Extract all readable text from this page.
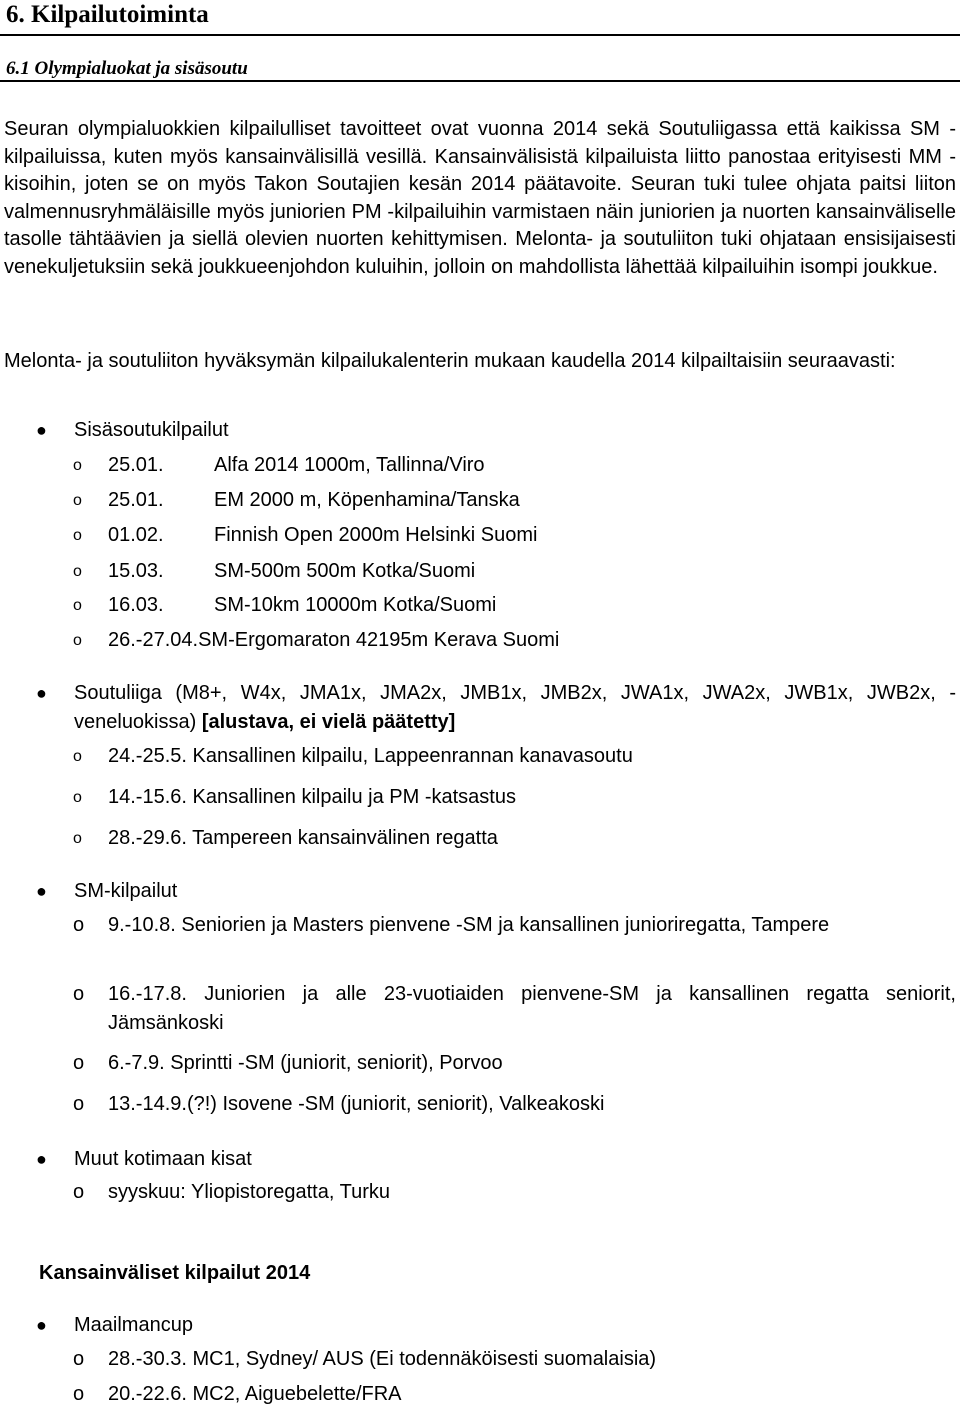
6. Kilpailutoiminta
6.1 Olympialuokat ja sisäsoutu

Seuran olympialuokkien kilpailulliset tavoitteet ovat vuonna 2014 sekä Soutuliigassa että kaikissa SM -kilpailuissa, kuten myös kansainvälisillä vesillä. Kansainvälisistä kilpailuista liitto panostaa erityisesti MM -kisoihin, joten se on myös Takon Soutajien kesän 2014 päätavoite. Seuran tuki tulee ohjata paitsi liiton valmennusryhmäläisille myös juniorien PM -kilpailuihin varmistaen näin juniorien ja nuorten kansainväliselle tasolle tähtäävien ja siellä olevien nuorten kehittymisen. Melonta- ja soutuliiton tuki ohjataan ensisijaisesti venekuljetuksiin sekä joukkueenjohdon kuluihin, jolloin on mahdollista lähettää kilpailuihin isompi joukkue.

Melonta- ja soutuliiton hyväksymän kilpailukalenterin mukaan kaudella 2014 kilpailtaisiin seuraavasti:

● Sisäsoutukilpailut
o 25.01.	Alfa 2014 1000m, Tallinna/Viro
o 25.01.	EM 2000 m, Köpenhamina/Tanska
o 01.02.	Finnish Open 2000m Helsinki Suomi
o 15.03.	SM-500m 500m Kotka/Suomi
o 16.03.	SM-10km 10000m Kotka/Suomi
o 26.-27.04.SM-Ergomaraton 42195m Kerava Suomi
● Soutuliiga (M8+, W4x, JMA1x, JMA2x, JMB1x, JMB2x, JWA1x, JWA2x, JWB1x, JWB2x, -veneluokissa) [alustava, ei vielä päätetty]
o 24.-25.5. Kansallinen kilpailu, Lappeenrannan kanavasoutu
o 14.-15.6. Kansallinen kilpailu ja PM -katsastus
o 28.-29.6. Tampereen kansainvälinen regatta
● SM-kilpailut
o 9.-10.8. Seniorien ja Masters pienvene -SM ja kansallinen junioriregatta, Tampere
o 16.-17.8. Juniorien ja alle 23-vuotiaiden pienvene-SM ja kansallinen regatta seniorit, Jämsänkoski
o 6.-7.9. Sprintti -SM (juniorit, seniorit), Porvoo
o 13.-14.9.(?!) Isovene -SM (juniorit, seniorit), Valkeakoski
● Muut kotimaan kisat
o syyskuu: Yliopistoregatta, Turku
Kansainväliset kilpailut 2014
● Maailmancup
o 28.-30.3. MC1, Sydney/ AUS (Ei todennäköisesti suomalaisia)
o 20.-22.6. MC2, Aiguebelette/FRA
